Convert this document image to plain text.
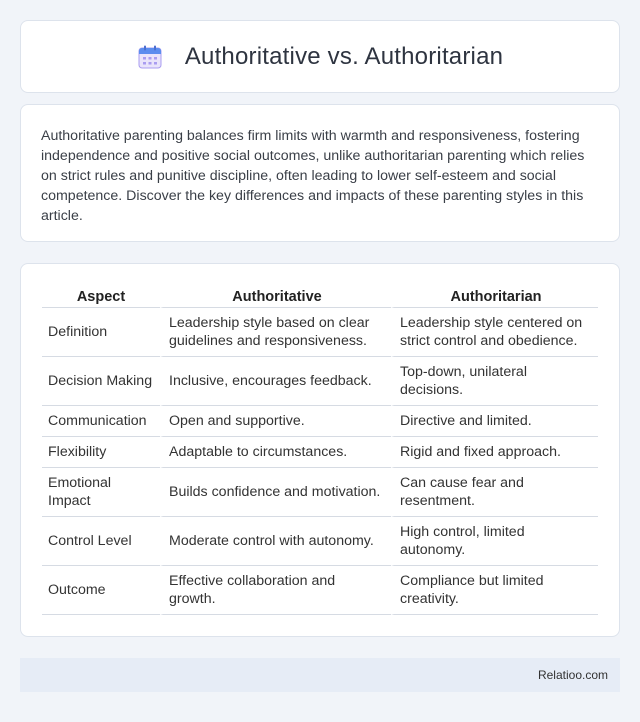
Authoritative vs. Authoritarian

Authoritative parenting balances firm limits with warmth and responsiveness, fostering independence and positive social outcomes, unlike authoritarian parenting which relies on strict rules and punitive discipline, often leading to lower self-esteem and social competence. Discover the key differences and impacts of these parenting styles in this article.

Aspect	Authoritative	Authoritarian
Definition	Leadership style based on clear guidelines and responsiveness.	Leadership style centered on strict control and obedience.
Decision Making	Inclusive, encourages feedback.	Top-down, unilateral decisions.
Communication	Open and supportive.	Directive and limited.
Flexibility	Adaptable to circumstances.	Rigid and fixed approach.
Emotional Impact	Builds confidence and motivation.	Can cause fear and resentment.
Control Level	Moderate control with autonomy.	High control, limited autonomy.
Outcome	Effective collaboration and growth.	Compliance but limited creativity.
Relatioo.com
